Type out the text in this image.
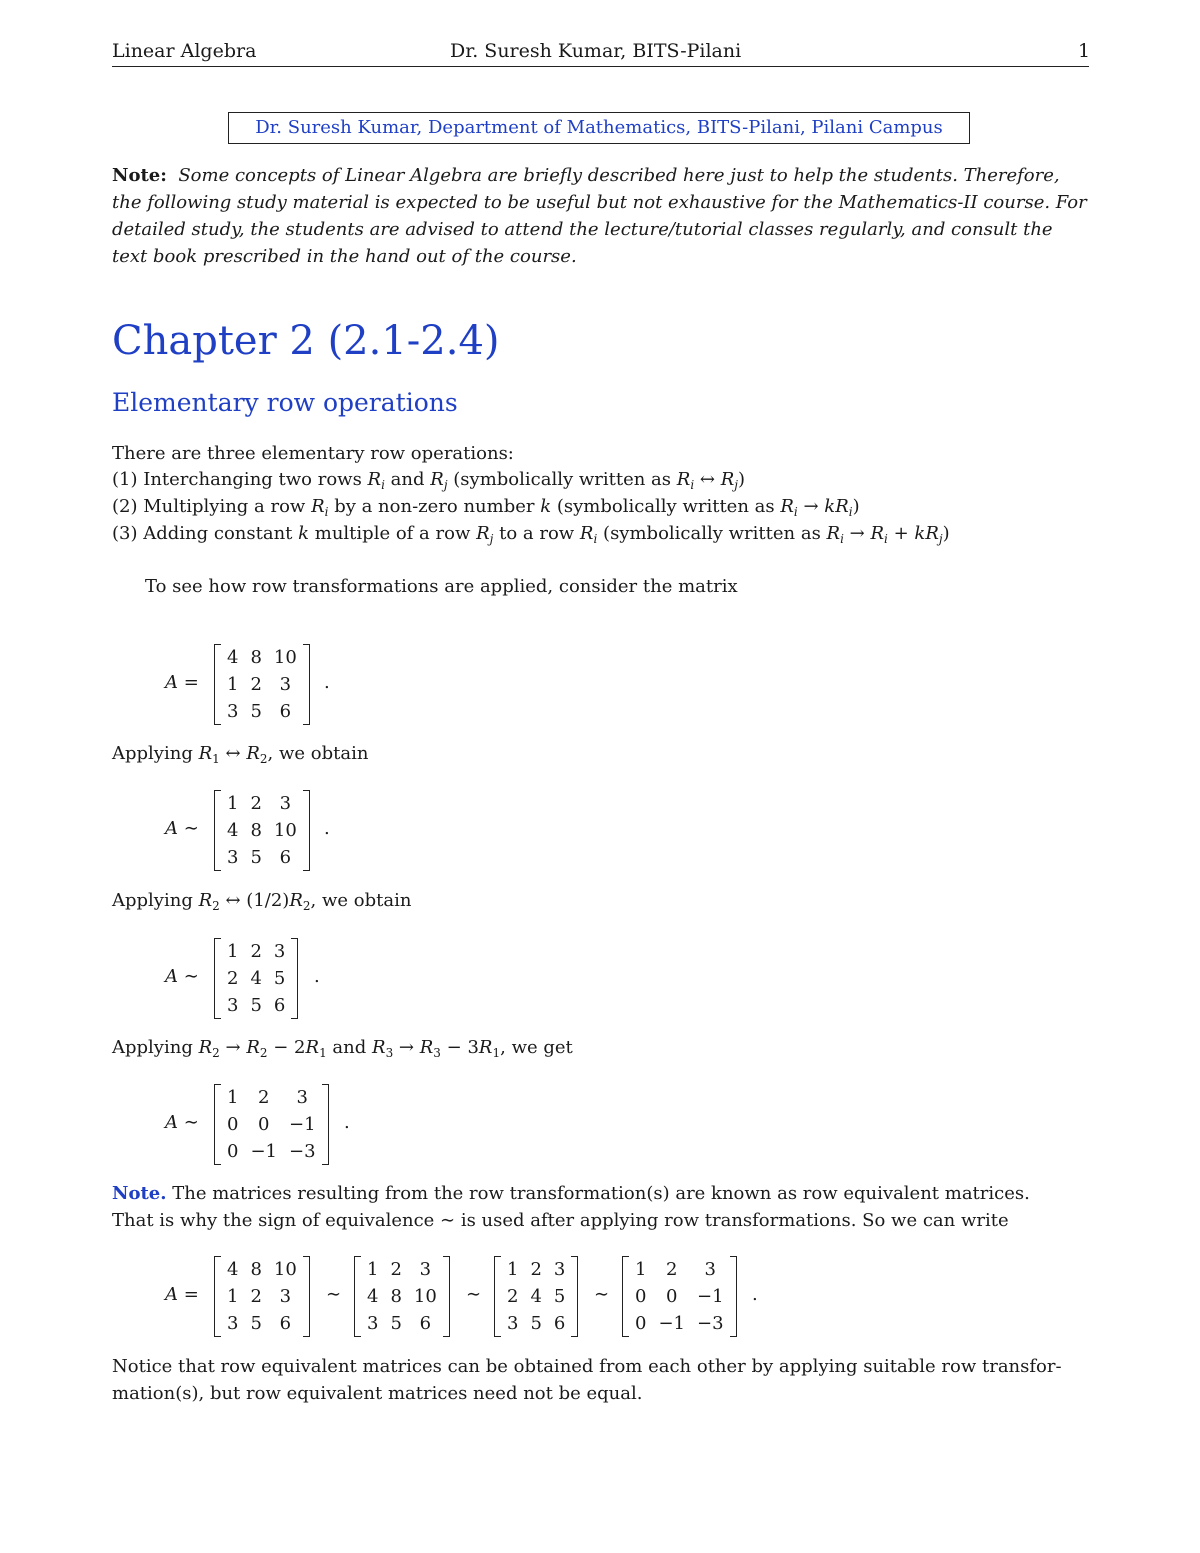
Linear Algebra	Dr. Suresh Kumar, BITS-Pilani	1
Dr. Suresh Kumar, Department of Mathematics, BITS-Pilani, Pilani Campus
Note: Some concepts of Linear Algebra are briefly described here just to help the students. Therefore, the following study material is expected to be useful but not exhaustive for the Mathematics-II course. For detailed study, the students are advised to attend the lecture/tutorial classes regularly, and consult the text book prescribed in the hand out of the course.
Chapter 2 (2.1-2.4)
Elementary row operations
There are three elementary row operations:
(1) Interchanging two rows $R_i$ and $R_j$ (symbolically written as $R_i$ ↔ $R_j$)
(2) Multiplying a row $R_i$ by a non-zero number k (symbolically written as $R_i \to kR_i$)
(3) Adding constant k multiple of a row $R_j$ to a row $R_i$ (symbolically written as $R_i \to R_i + kR_j$)
To see how row transformations are applied, consider the matrix
A =
4	8	10
1	2	3
3	5	6
.
Applying $R_1$ ↔ $R_2$, we obtain
A ∼
1	2	3
4	8	10
3	5	6
.
Applying $R_2$ ↔ $(1/2)R_2$, we obtain
A ∼
1	2	3
2	4	5
3	5	6
.
Applying $R_2 \to R_2 - 2R_1$ and $R_3 \to R_3 - 3R_1$, we get
A ∼
1	2	3
0	0	−1
0	−1	−3
.
Note. The matrices resulting from the row transformation(s) are known as row equivalent matrices.
That is why the sign of equivalence ∼ is used after applying row transformations. So we can write
A =
4	8	10
1	2	3
3	5	6
∼
1	2	3
4	8	10
3	5	6
∼
1	2	3
2	4	5
3	5	6
∼
1	2	3
0	0	−1
0	−1	−3
.
Notice that row equivalent matrices can be obtained from each other by applying suitable row transfor-
mation(s), but row equivalent matrices need not be equal.
